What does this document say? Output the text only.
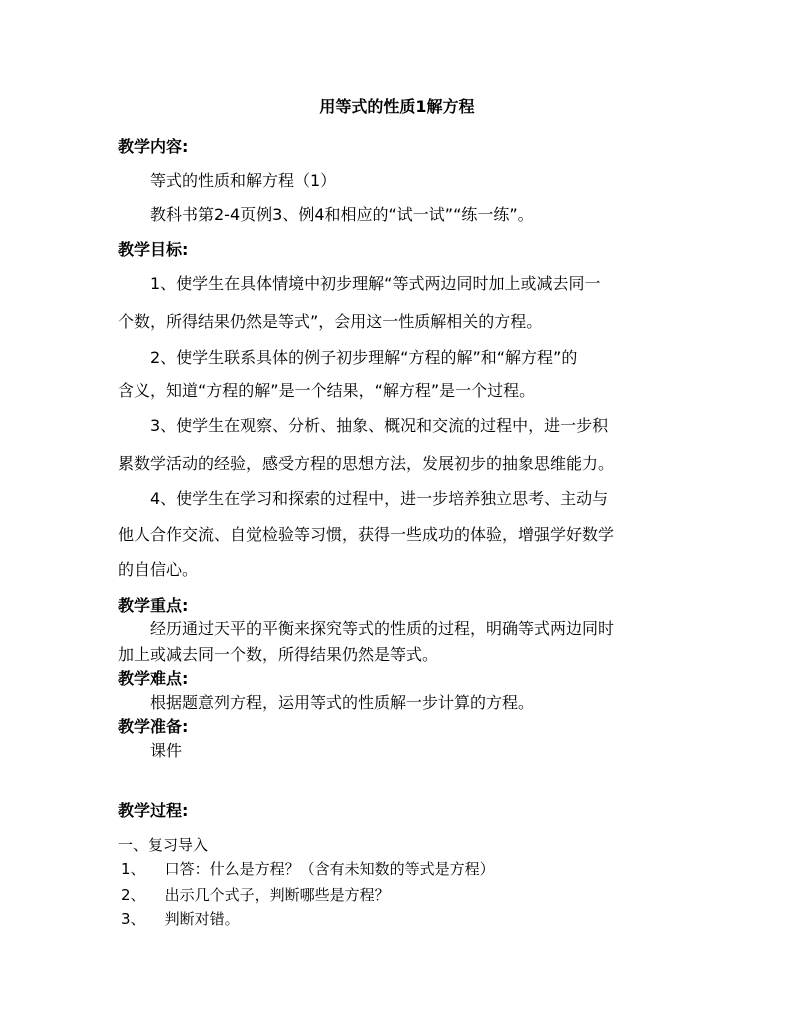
用等式的性质1解方程
教学内容:
等式的性质和解方程（1）
教科书第2-4页例3、例4和相应的“试一试”“练一练”。
教学目标:
1、使学生在具体情境中初步理解“等式两边同时加上或减去同一
个数，所得结果仍然是等式”，会用这一性质解相关的方程。
2、使学生联系具体的例子初步理解“方程的解”和“解方程”的
含义，知道“方程的解”是一个结果，“解方程”是一个过程。
3、使学生在观察、分析、抽象、概况和交流的过程中，进一步积
累数学活动的经验，感受方程的思想方法，发展初步的抽象思维能力。
4、使学生在学习和探索的过程中，进一步培养独立思考、主动与
他人合作交流、自觉检验等习惯，获得一些成功的体验，增强学好数学
的自信心。
教学重点:
经历通过天平的平衡来探究等式的性质的过程，明确等式两边同时
加上或减去同一个数，所得结果仍然是等式。
教学难点:
根据题意列方程，运用等式的性质解一步计算的方程。
教学准备:
课件
教学过程:
一、复习导入
1、    口答：什么是方程？（含有未知数的等式是方程）
2、    出示几个式子，判断哪些是方程？
3、    判断对错。
